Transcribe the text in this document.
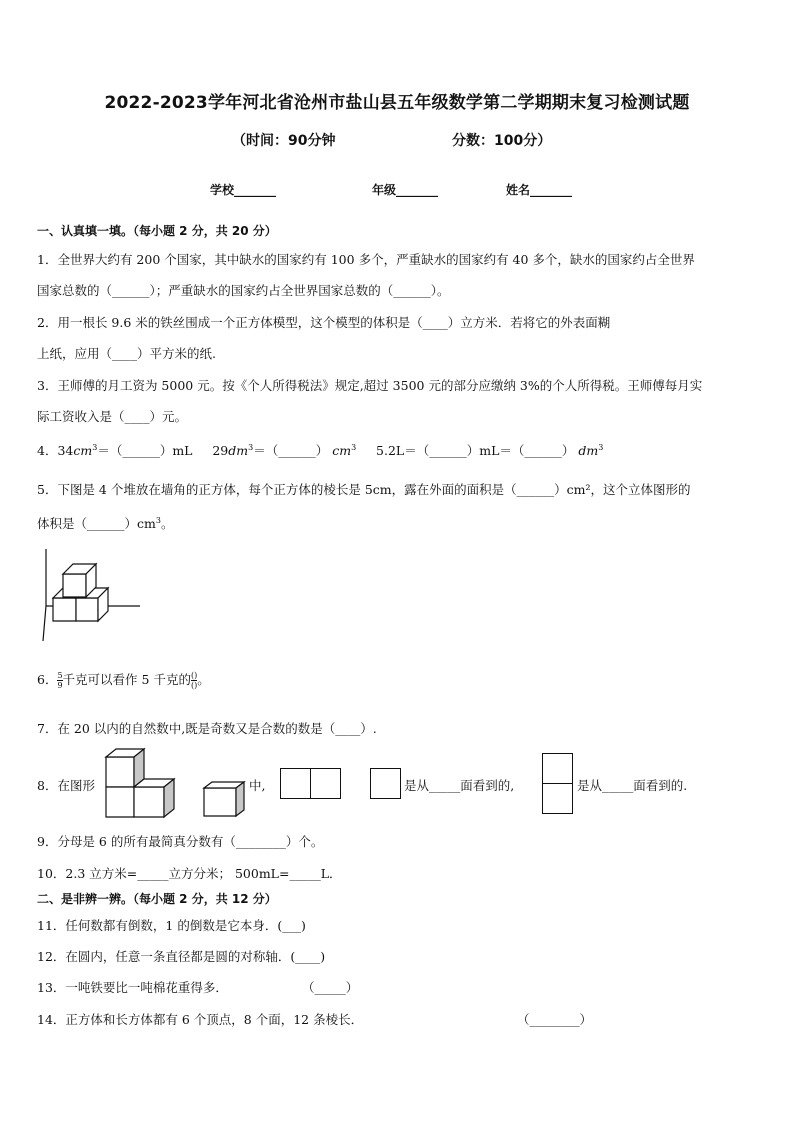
2022-2023学年河北省沧州市盐山县五年级数学第二学期期末复习检测试题
（时间：90分钟	分数：100分）
学校_______	年级_______	姓名_______
一、认真填一填。（每小题 2 分，共 20 分）
1．全世界大约有 200 个国家，其中缺水的国家约有 100 多个，严重缺水的国家约有 40 多个，缺水的国家约占全世界
国家总数的（______）；严重缺水的国家约占全世界国家总数的（______）。
2．用一根长 9.6 米的铁丝围成一个正方体模型，这个模型的体积是（____）立方米．若将它的外表面糊
上纸，应用（____）平方米的纸.
3．王师傅的月工资为 5000 元。按《个人所得税法》规定,超过 3500 元的部分应缴纳 3%的个人所得税。王师傅每月实
际工资收入是（____）元。
4．$34cm^3=(\_\_\_\_\_\_)mL$ $29dm^3=(\_\_\_\_\_\_)$ $cm^3$ 5.2L＝（______）mL＝（______） $dm^3$
5．下图是 4 个堆放在墙角的正方体，每个正方体的棱长是 5cm，露在外面的面积是（______）cm²，这个立体图形的
体积是$(\_\_\_\_\_\_)cm^3$。
6． $\frac{5}{9}$ 千克可以看作 5 千克的 $\frac{()}{()}$ 。
7．在 20 以内的自然数中,既是奇数又是合数的数是（____）.
8．在图形	中,	是从_____面看到的,	是从_____面看到的.
9．分母是 6 的所有最简真分数有（________）个。
10．2.3 立方米=_____立方分米； 500mL=_____L．
二、是非辨一辨。（每小题 2 分，共 12 分）
11．任何数都有倒数，1 的倒数是它本身．(___)
12．在圆内，任意一条直径都是圆的对称轴．(____)
13．一吨铁要比一吨棉花重得多．	（_____）
14．正方体和长方体都有 6 个顶点，8 个面，12 条棱长．	（________）
